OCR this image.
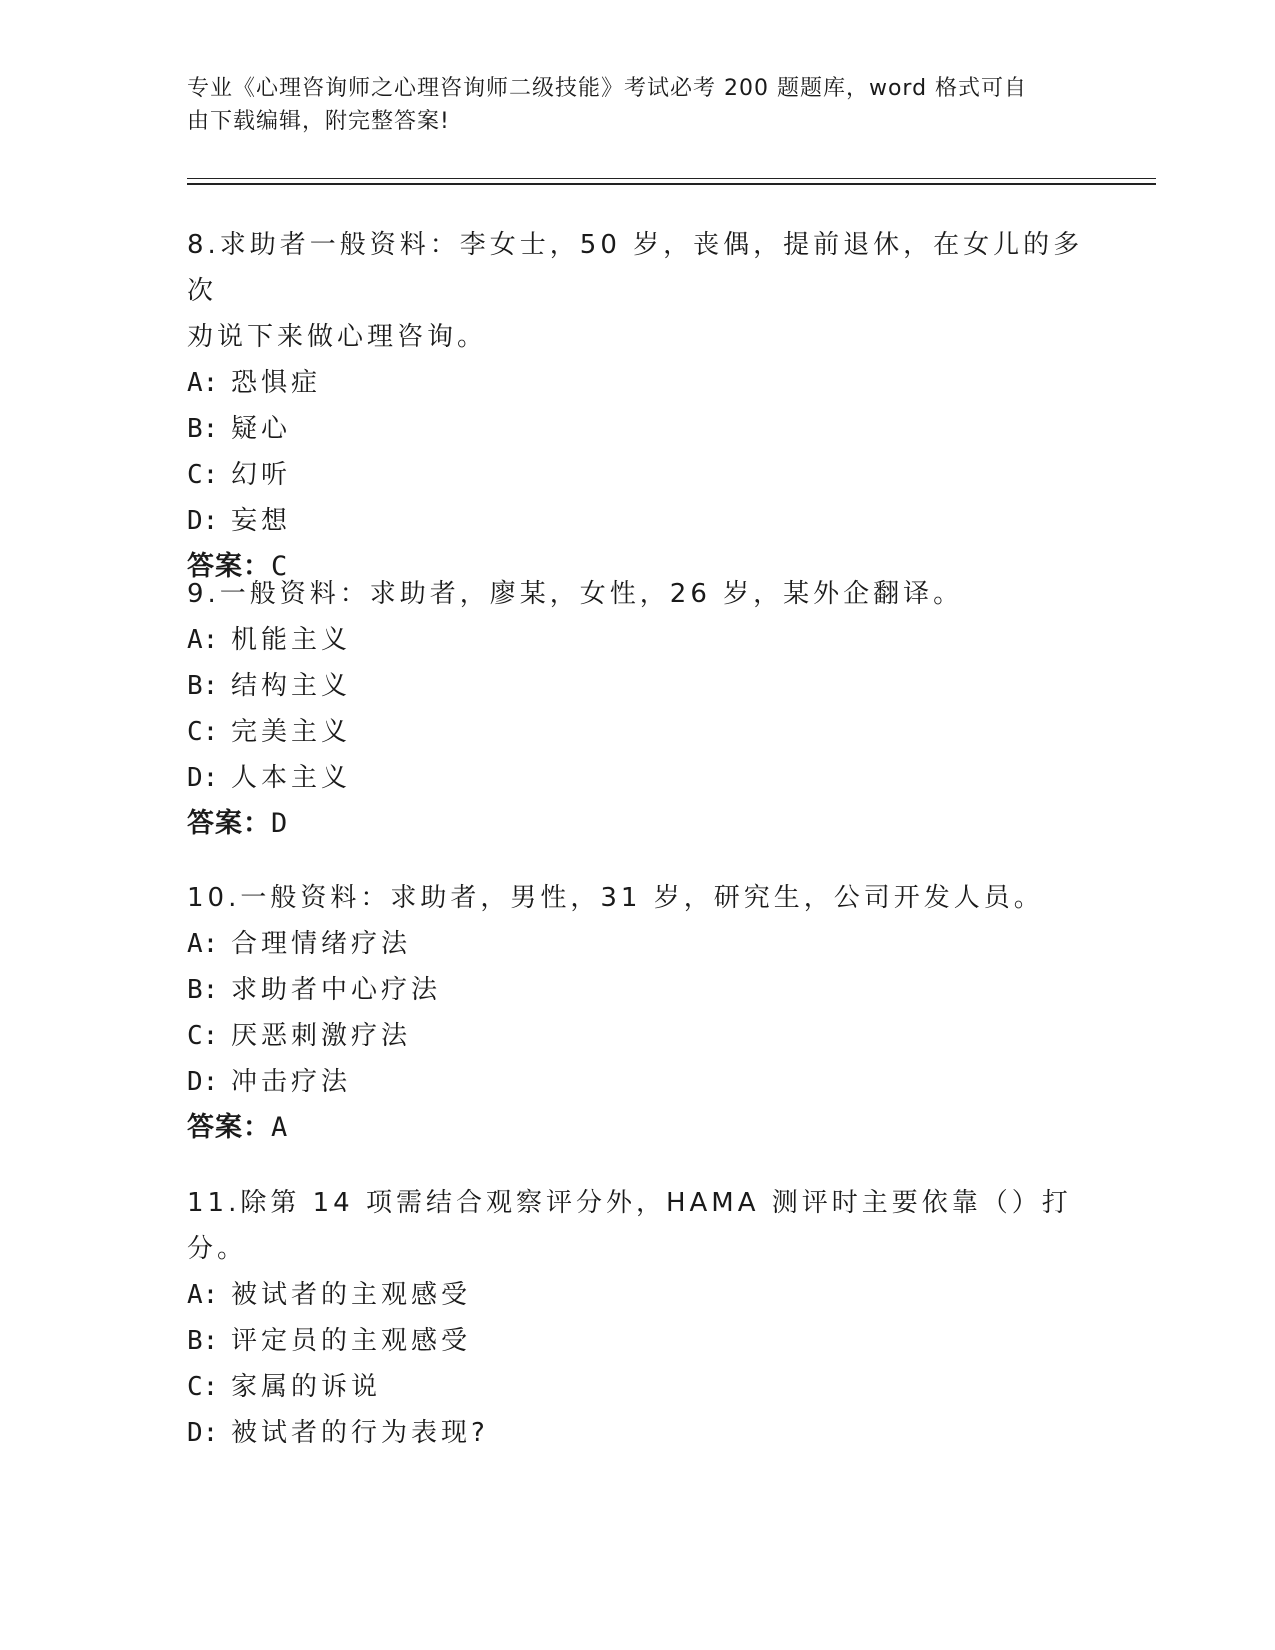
专业《心理咨询师之心理咨询师二级技能》考试必考 200 题题库，word 格式可自
由下载编辑，附完整答案!
8.求助者一般资料：李女士，50 岁，丧偶，提前退休，在女儿的多次
劝说下来做心理咨询。
A: 恐惧症
B: 疑心
C: 幻听
D: 妄想
答案：C
9.一般资料：求助者，廖某，女性，26 岁，某外企翻译。
A: 机能主义
B: 结构主义
C: 完美主义
D: 人本主义
答案：D
10.一般资料：求助者，男性，31 岁，研究生，公司开发人员。
A: 合理情绪疗法
B: 求助者中心疗法
C: 厌恶刺激疗法
D: 冲击疗法
答案：A
11.除第 14 项需结合观察评分外，HAMA 测评时主要依靠（）打分。
A: 被试者的主观感受
B: 评定员的主观感受
C: 家属的诉说
D: 被试者的行为表现?
